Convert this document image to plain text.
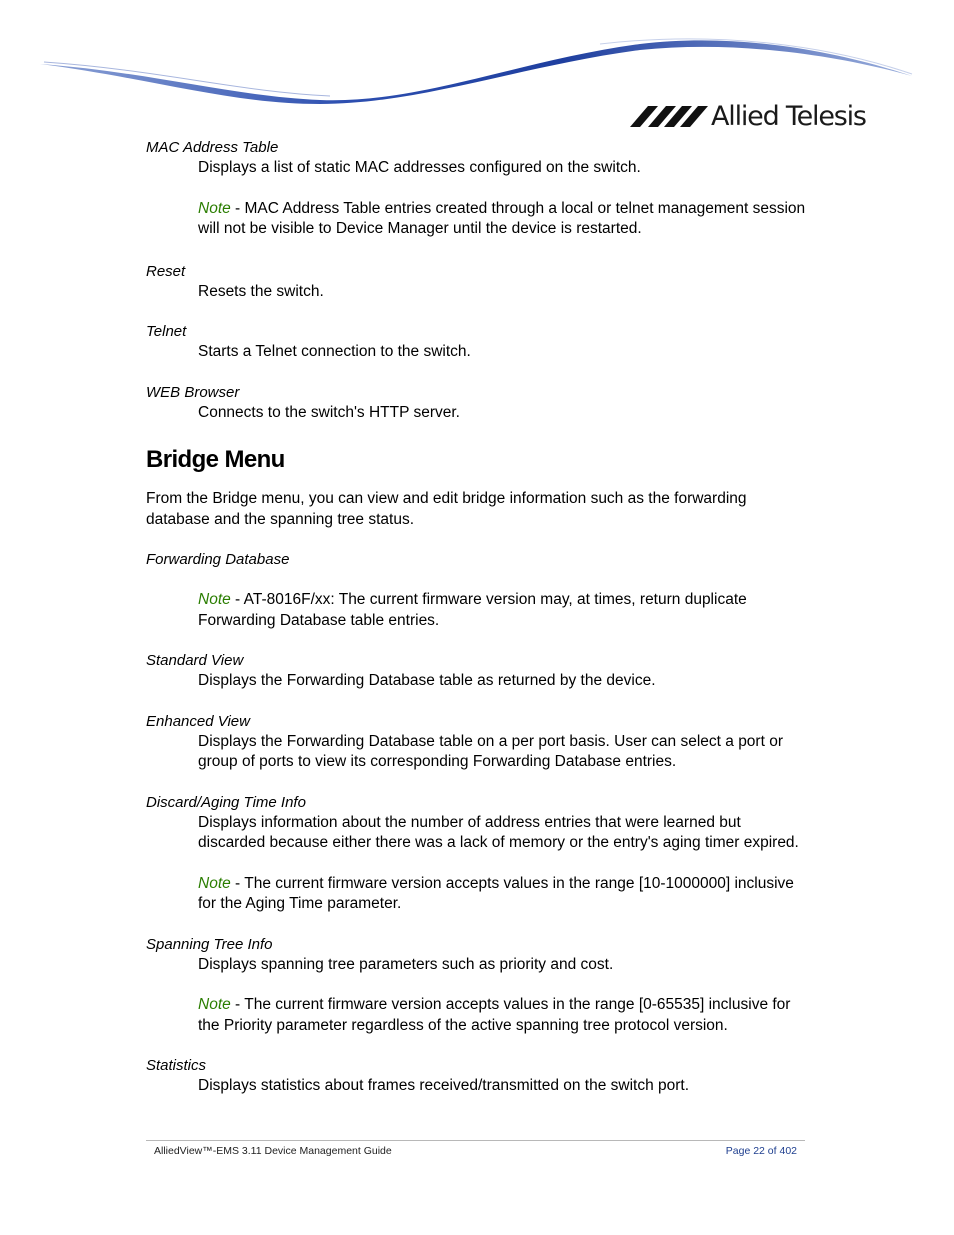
Allied Telesis

MAC Address Table

Displays a list of static MAC addresses configured on the switch.

Note - MAC Address Table entries created through a local or telnet management session will not be visible to Device Manager until the device is restarted.

Reset

Resets the switch.

Telnet

Starts a Telnet connection to the switch.

WEB Browser

Connects to the switch's HTTP server.

Bridge Menu

From the Bridge menu, you can view and edit bridge information such as the forwarding database and the spanning tree status.

Forwarding Database

Note - AT-8016F/xx: The current firmware version may, at times, return duplicate Forwarding Database table entries.

Standard View

Displays the Forwarding Database table as returned by the device.

Enhanced View

Displays the Forwarding Database table on a per port basis. User can select a port or group of ports to view its corresponding Forwarding Database entries.

Discard/Aging Time Info

Displays information about the number of address entries that were learned but discarded because either there was a lack of memory or the entry's aging timer expired.

Note - The current firmware version accepts values in the range [10-1000000] inclusive for the Aging Time parameter.

Spanning Tree Info

Displays spanning tree parameters such as priority and cost.

Note - The current firmware version accepts values in the range [0-65535] inclusive for the Priority parameter regardless of the active spanning tree protocol version.

Statistics

Displays statistics about frames received/transmitted on the switch port.

AlliedView™-EMS 3.11 Device Management Guide	Page 22 of 402
